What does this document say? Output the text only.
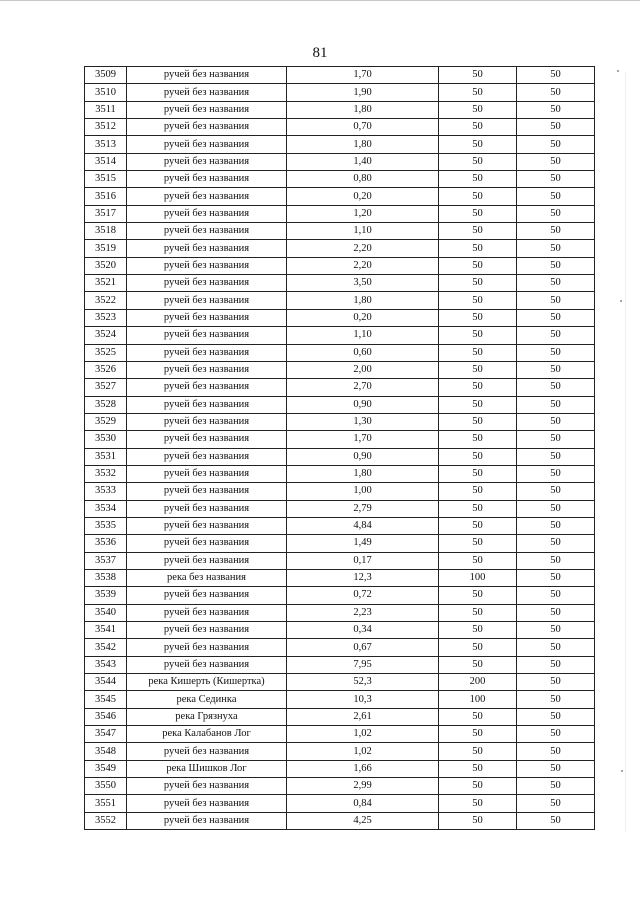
81
3509	ручей без названия	1,70	50	50
3510	ручей без названия	1,90	50	50
3511	ручей без названия	1,80	50	50
3512	ручей без названия	0,70	50	50
3513	ручей без названия	1,80	50	50
3514	ручей без названия	1,40	50	50
3515	ручей без названия	0,80	50	50
3516	ручей без названия	0,20	50	50
3517	ручей без названия	1,20	50	50
3518	ручей без названия	1,10	50	50
3519	ручей без названия	2,20	50	50
3520	ручей без названия	2,20	50	50
3521	ручей без названия	3,50	50	50
3522	ручей без названия	1,80	50	50
3523	ручей без названия	0,20	50	50
3524	ручей без названия	1,10	50	50
3525	ручей без названия	0,60	50	50
3526	ручей без названия	2,00	50	50
3527	ручей без названия	2,70	50	50
3528	ручей без названия	0,90	50	50
3529	ручей без названия	1,30	50	50
3530	ручей без названия	1,70	50	50
3531	ручей без названия	0,90	50	50
3532	ручей без названия	1,80	50	50
3533	ручей без названия	1,00	50	50
3534	ручей без названия	2,79	50	50
3535	ручей без названия	4,84	50	50
3536	ручей без названия	1,49	50	50
3537	ручей без названия	0,17	50	50
3538	река без названия	12,3	100	50
3539	ручей без названия	0,72	50	50
3540	ручей без названия	2,23	50	50
3541	ручей без названия	0,34	50	50
3542	ручей без названия	0,67	50	50
3543	ручей без названия	7,95	50	50
3544	река Кишерть (Кишертка)	52,3	200	50
3545	река Сединка	10,3	100	50
3546	река Грязнуха	2,61	50	50
3547	река Калабанов Лог	1,02	50	50
3548	ручей без названия	1,02	50	50
3549	река Шишков Лог	1,66	50	50
3550	ручей без названия	2,99	50	50
3551	ручей без названия	0,84	50	50
3552	ручей без названия	4,25	50	50
